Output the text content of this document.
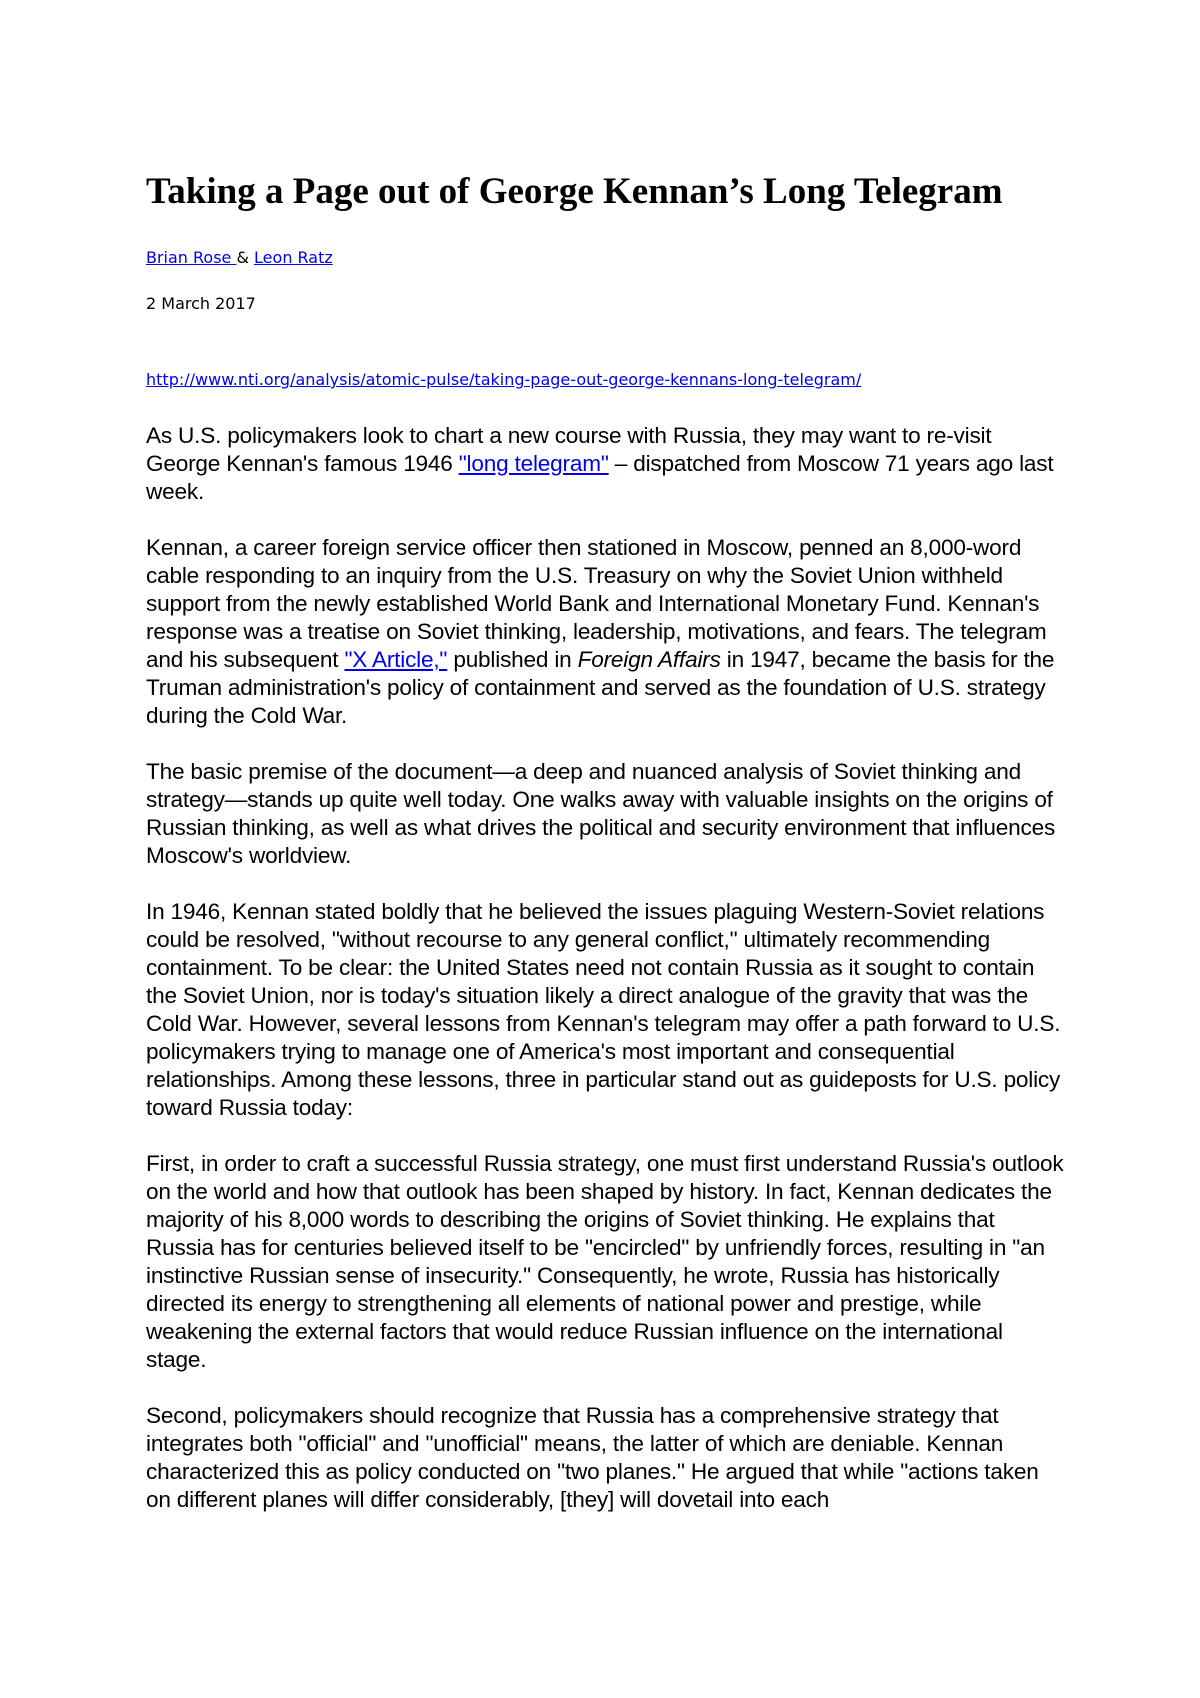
Taking a Page out of George Kennan’s Long Telegram
Brian Rose & Leon Ratz
2 March 2017
http://www.nti.org/analysis/atomic-pulse/taking-page-out-george-kennans-long-telegram/

As U.S. policymakers look to chart a new course with Russia, they may want to re-visit George Kennan's famous 1946 "long telegram" – dispatched from Moscow 71 years ago last week.

Kennan, a career foreign service officer then stationed in Moscow, penned an 8,000-word cable responding to an inquiry from the U.S. Treasury on why the Soviet Union withheld support from the newly established World Bank and International Monetary Fund. Kennan's response was a treatise on Soviet thinking, leadership, motivations, and fears. The telegram and his subsequent "X Article," published in Foreign Affairs in 1947, became the basis for the Truman administration's policy of containment and served as the foundation of U.S. strategy during the Cold War.

The basic premise of the document—a deep and nuanced analysis of Soviet thinking and strategy—stands up quite well today. One walks away with valuable insights on the origins of Russian thinking, as well as what drives the political and security environment that influences Moscow's worldview.

In 1946, Kennan stated boldly that he believed the issues plaguing Western-Soviet relations could be resolved, "without recourse to any general conflict," ultimately recommending containment. To be clear: the United States need not contain Russia as it sought to contain the Soviet Union, nor is today's situation likely a direct analogue of the gravity that was the Cold War. However, several lessons from Kennan's telegram may offer a path forward to U.S. policymakers trying to manage one of America's most important and consequential relationships. Among these lessons, three in particular stand out as guideposts for U.S. policy toward Russia today:

First, in order to craft a successful Russia strategy, one must first understand Russia's outlook on the world and how that outlook has been shaped by history. In fact, Kennan dedicates the majority of his 8,000 words to describing the origins of Soviet thinking. He explains that Russia has for centuries believed itself to be "encircled" by unfriendly forces, resulting in "an instinctive Russian sense of insecurity." Consequently, he wrote, Russia has historically directed its energy to strengthening all elements of national power and prestige, while weakening the external factors that would reduce Russian influence on the international stage.

Second, policymakers should recognize that Russia has a comprehensive strategy that integrates both "official" and "unofficial" means, the latter of which are deniable. Kennan characterized this as policy conducted on "two planes." He argued that while "actions taken on different planes will differ considerably, [they] will dovetail into each
